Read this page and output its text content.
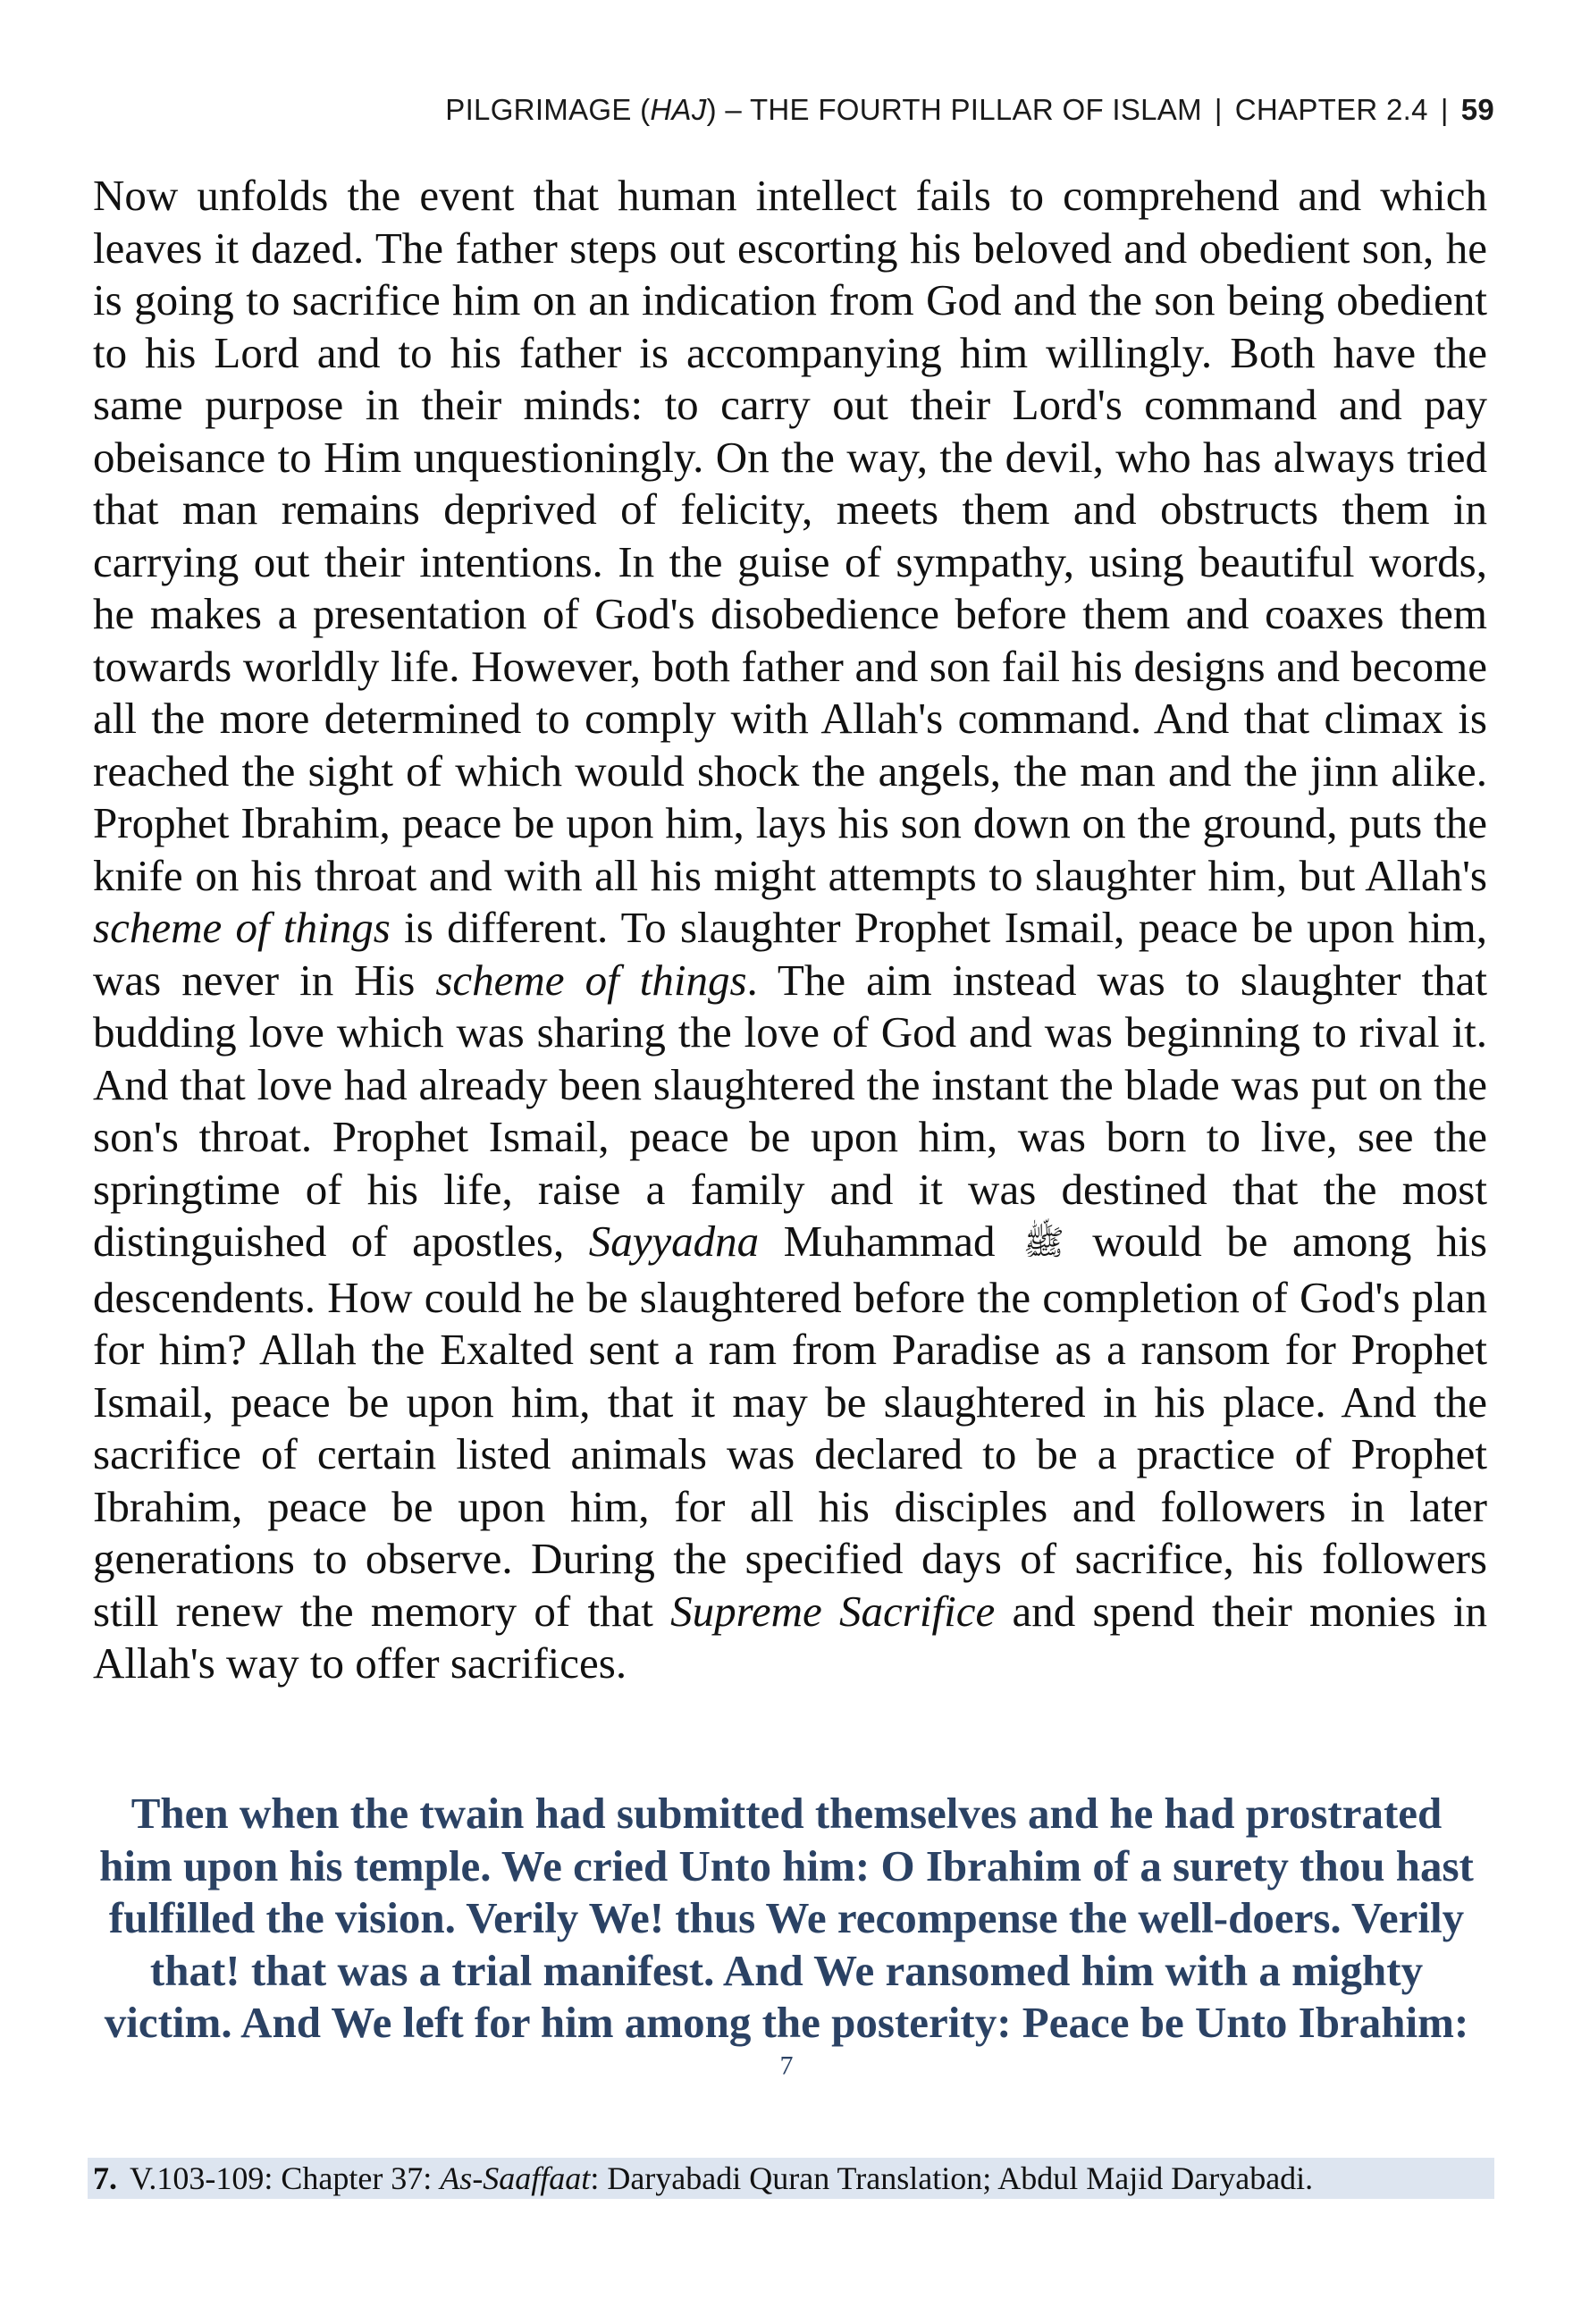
PILGRIMAGE (HAJ) – THE FOURTH PILLAR OF ISLAM | CHAPTER 2.4 | 59

Now unfolds the event that human intellect fails to comprehend and which leaves it dazed. The father steps out escorting his beloved and obedient son, he is going to sacrifice him on an indication from God and the son being obedient to his Lord and to his father is accompanying him willingly. Both have the same purpose in their minds: to carry out their Lord's command and pay obeisance to Him unquestioningly. On the way, the devil, who has always tried that man remains deprived of felicity, meets them and obstructs them in carrying out their intentions. In the guise of sympathy, using beautiful words, he makes a presentation of God's disobedience before them and coaxes them towards worldly life. However, both father and son fail his designs and become all the more determined to comply with Allah's command. And that climax is reached the sight of which would shock the angels, the man and the jinn alike. Prophet Ibrahim, peace be upon him, lays his son down on the ground, puts the knife on his throat and with all his might attempts to slaughter him, but Allah's scheme of things is different. To slaughter Prophet Ismail, peace be upon him, was never in His scheme of things. The aim instead was to slaughter that budding love which was sharing the love of God and was beginning to rival it. And that love had already been slaughtered the instant the blade was put on the son's throat. Prophet Ismail, peace be upon him, was born to live, see the springtime of his life, raise a family and it was destined that the most distinguished of apostles, Sayyadna Muhammad ﷺ would be among his descendents. How could he be slaughtered before the completion of God's plan for him? Allah the Exalted sent a ram from Paradise as a ransom for Prophet Ismail, peace be upon him, that it may be slaughtered in his place. And the sacrifice of certain listed animals was declared to be a practice of Prophet Ibrahim, peace be upon him, for all his disciples and followers in later generations to observe. During the specified days of sacrifice, his followers still renew the memory of that Supreme Sacrifice and spend their monies in Allah's way to offer sacrifices.

Then when the twain had submitted themselves and he had prostrated him upon his temple. We cried Unto him: O Ibrahim of a surety thou hast fulfilled the vision. Verily We! thus We recompense the well-doers. Verily that! that was a trial manifest. And We ransomed him with a mighty victim. And We left for him among the posterity: Peace be Unto Ibrahim: $^7$

7. V.103-109: Chapter 37: As-Saaffaat: Daryabadi Quran Translation; Abdul Majid Daryabadi.
